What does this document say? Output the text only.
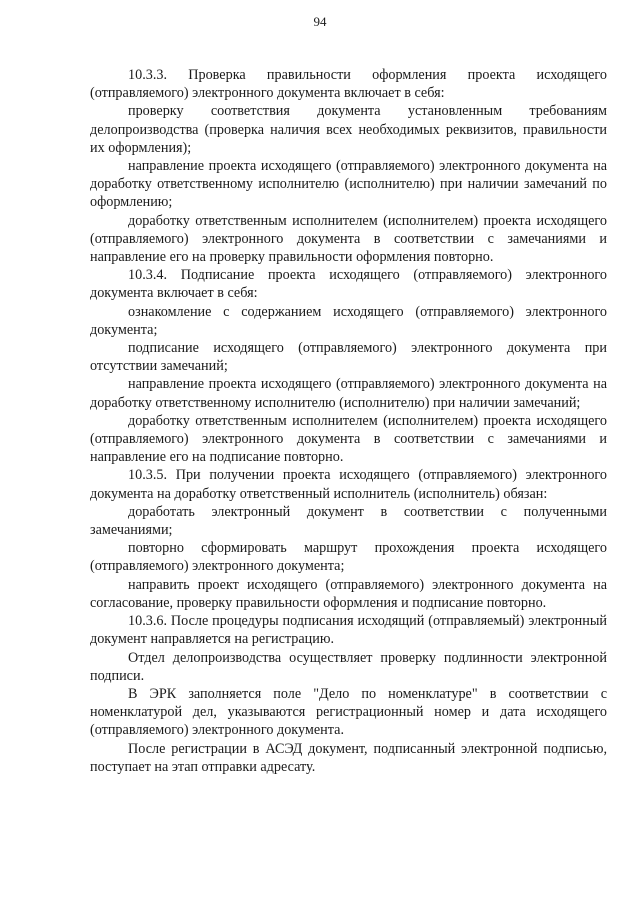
94

10.3.3. Проверка правильности оформления проекта исходящего (отправляемого) электронного документа включает в себя:

проверку соответствия документа установленным требованиям делопроизводства (проверка наличия всех необходимых реквизитов, правильности их оформления);

направление проекта исходящего (отправляемого) электронного документа на доработку ответственному исполнителю (исполнителю) при наличии замечаний по оформлению;

доработку ответственным исполнителем (исполнителем) проекта исходящего (отправляемого) электронного документа в соответствии с замечаниями и направление его на проверку правильности оформления повторно.

10.3.4. Подписание проекта исходящего (отправляемого) электронного документа включает в себя:

ознакомление с содержанием исходящего (отправляемого) электронного документа;

подписание исходящего (отправляемого) электронного документа при отсутствии замечаний;

направление проекта исходящего (отправляемого) электронного документа на доработку ответственному исполнителю (исполнителю) при наличии замечаний;

доработку ответственным исполнителем (исполнителем) проекта исходящего (отправляемого) электронного документа в соответствии с замечаниями и направление его на подписание повторно.

10.3.5. При получении проекта исходящего (отправляемого) электронного документа на доработку ответственный исполнитель (исполнитель) обязан:

доработать электронный документ в соответствии с полученными замечаниями;

повторно сформировать маршрут прохождения проекта исходящего (отправляемого) электронного документа;

направить проект исходящего (отправляемого) электронного документа на согласование, проверку правильности оформления и подписание повторно.

10.3.6. После процедуры подписания исходящий (отправляемый) электронный документ направляется на регистрацию.

Отдел делопроизводства осуществляет проверку подлинности электронной подписи.

В ЭРК заполняется поле "Дело по номенклатуре" в соответствии с номенклатурой дел, указываются регистрационный номер и дата исходящего (отправляемого) электронного документа.

После регистрации в АСЭД документ, подписанный электронной подписью, поступает на этап отправки адресату.
